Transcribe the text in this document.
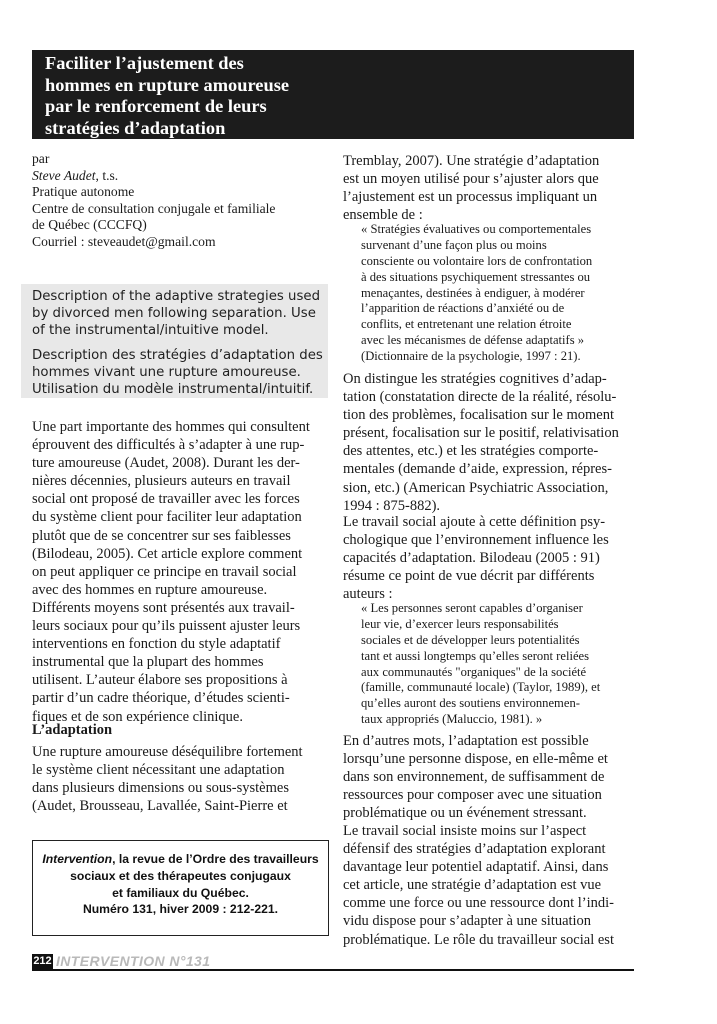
Faciliter l’ajustement des
hommes en rupture amoureuse
par le renforcement de leurs
stratégies d’adaptation
par
Steve Audet, t.s.
Pratique autonome
Centre de consultation conjugale et familiale
de Québec (CCCFQ)
Courriel : steveaudet@gmail.com
Description of the adaptive strategies used
by divorced men following separation. Use
of the instrumental/intuitive model.
Description des stratégies d’adaptation des
hommes vivant une rupture amoureuse.
Utilisation du modèle instrumental/intuitif.
Une part importante des hommes qui consultent
éprouvent des difficultés à s’adapter à une rup-
ture amoureuse (Audet, 2008). Durant les der-
nières décennies, plusieurs auteurs en travail
social ont proposé de travailler avec les forces
du système client pour faciliter leur adaptation
plutôt que de se concentrer sur ses faiblesses
(Bilodeau, 2005). Cet article explore comment
on peut appliquer ce principe en travail social
avec des hommes en rupture amoureuse.
Différents moyens sont présentés aux travail-
leurs sociaux pour qu’ils puissent ajuster leurs
interventions en fonction du style adaptatif
instrumental que la plupart des hommes
utilisent. L’auteur élabore ses propositions à
partir d’un cadre théorique, d’études scienti-
fiques et de son expérience clinique.
L’adaptation
Une rupture amoureuse déséquilibre fortement
le système client nécessitant une adaptation
dans plusieurs dimensions ou sous-systèmes
(Audet, Brousseau, Lavallée, Saint-Pierre et
Intervention, la revue de l’Ordre des travailleurs
sociaux et des thérapeutes conjugaux
et familiaux du Québec.
Numéro 131, hiver 2009 : 212-221.
Tremblay, 2007). Une stratégie d’adaptation
est un moyen utilisé pour s’ajuster alors que
l’ajustement est un processus impliquant un
ensemble de :
« Stratégies évaluatives ou comportementales
survenant d’une façon plus ou moins
consciente ou volontaire lors de confrontation
à des situations psychiquement stressantes ou
menaçantes, destinées à endiguer, à modérer
l’apparition de réactions d’anxiété ou de
conflits, et entretenant une relation étroite
avec les mécanismes de défense adaptatifs »
(Dictionnaire de la psychologie, 1997 : 21).
On distingue les stratégies cognitives d’adap-
tation (constatation directe de la réalité, résolu-
tion des problèmes, focalisation sur le moment
présent, focalisation sur le positif, relativisation
des attentes, etc.) et les stratégies comporte-
mentales (demande d’aide, expression, répres-
sion, etc.) (American Psychiatric Association,
1994 : 875-882).
Le travail social ajoute à cette définition psy-
chologique que l’environnement influence les
capacités d’adaptation. Bilodeau (2005 : 91)
résume ce point de vue décrit par différents
auteurs :
« Les personnes seront capables d’organiser
leur vie, d’exercer leurs responsabilités
sociales et de développer leurs potentialités
tant et aussi longtemps qu’elles seront reliées
aux communautés "organiques" de la société
(famille, communauté locale) (Taylor, 1989), et
qu’elles auront des soutiens environnemen-
taux appropriés (Maluccio, 1981). »
En d’autres mots, l’adaptation est possible
lorsqu’une personne dispose, en elle-même et
dans son environnement, de suffisamment de
ressources pour composer avec une situation
problématique ou un événement stressant.
Le travail social insiste moins sur l’aspect
défensif des stratégies d’adaptation explorant
davantage leur potentiel adaptatif. Ainsi, dans
cet article, une stratégie d’adaptation est vue
comme une force ou une ressource dont l’indi-
vidu dispose pour s’adapter à une situation
problématique. Le rôle du travailleur social est
212 INTERVENTION N°131
